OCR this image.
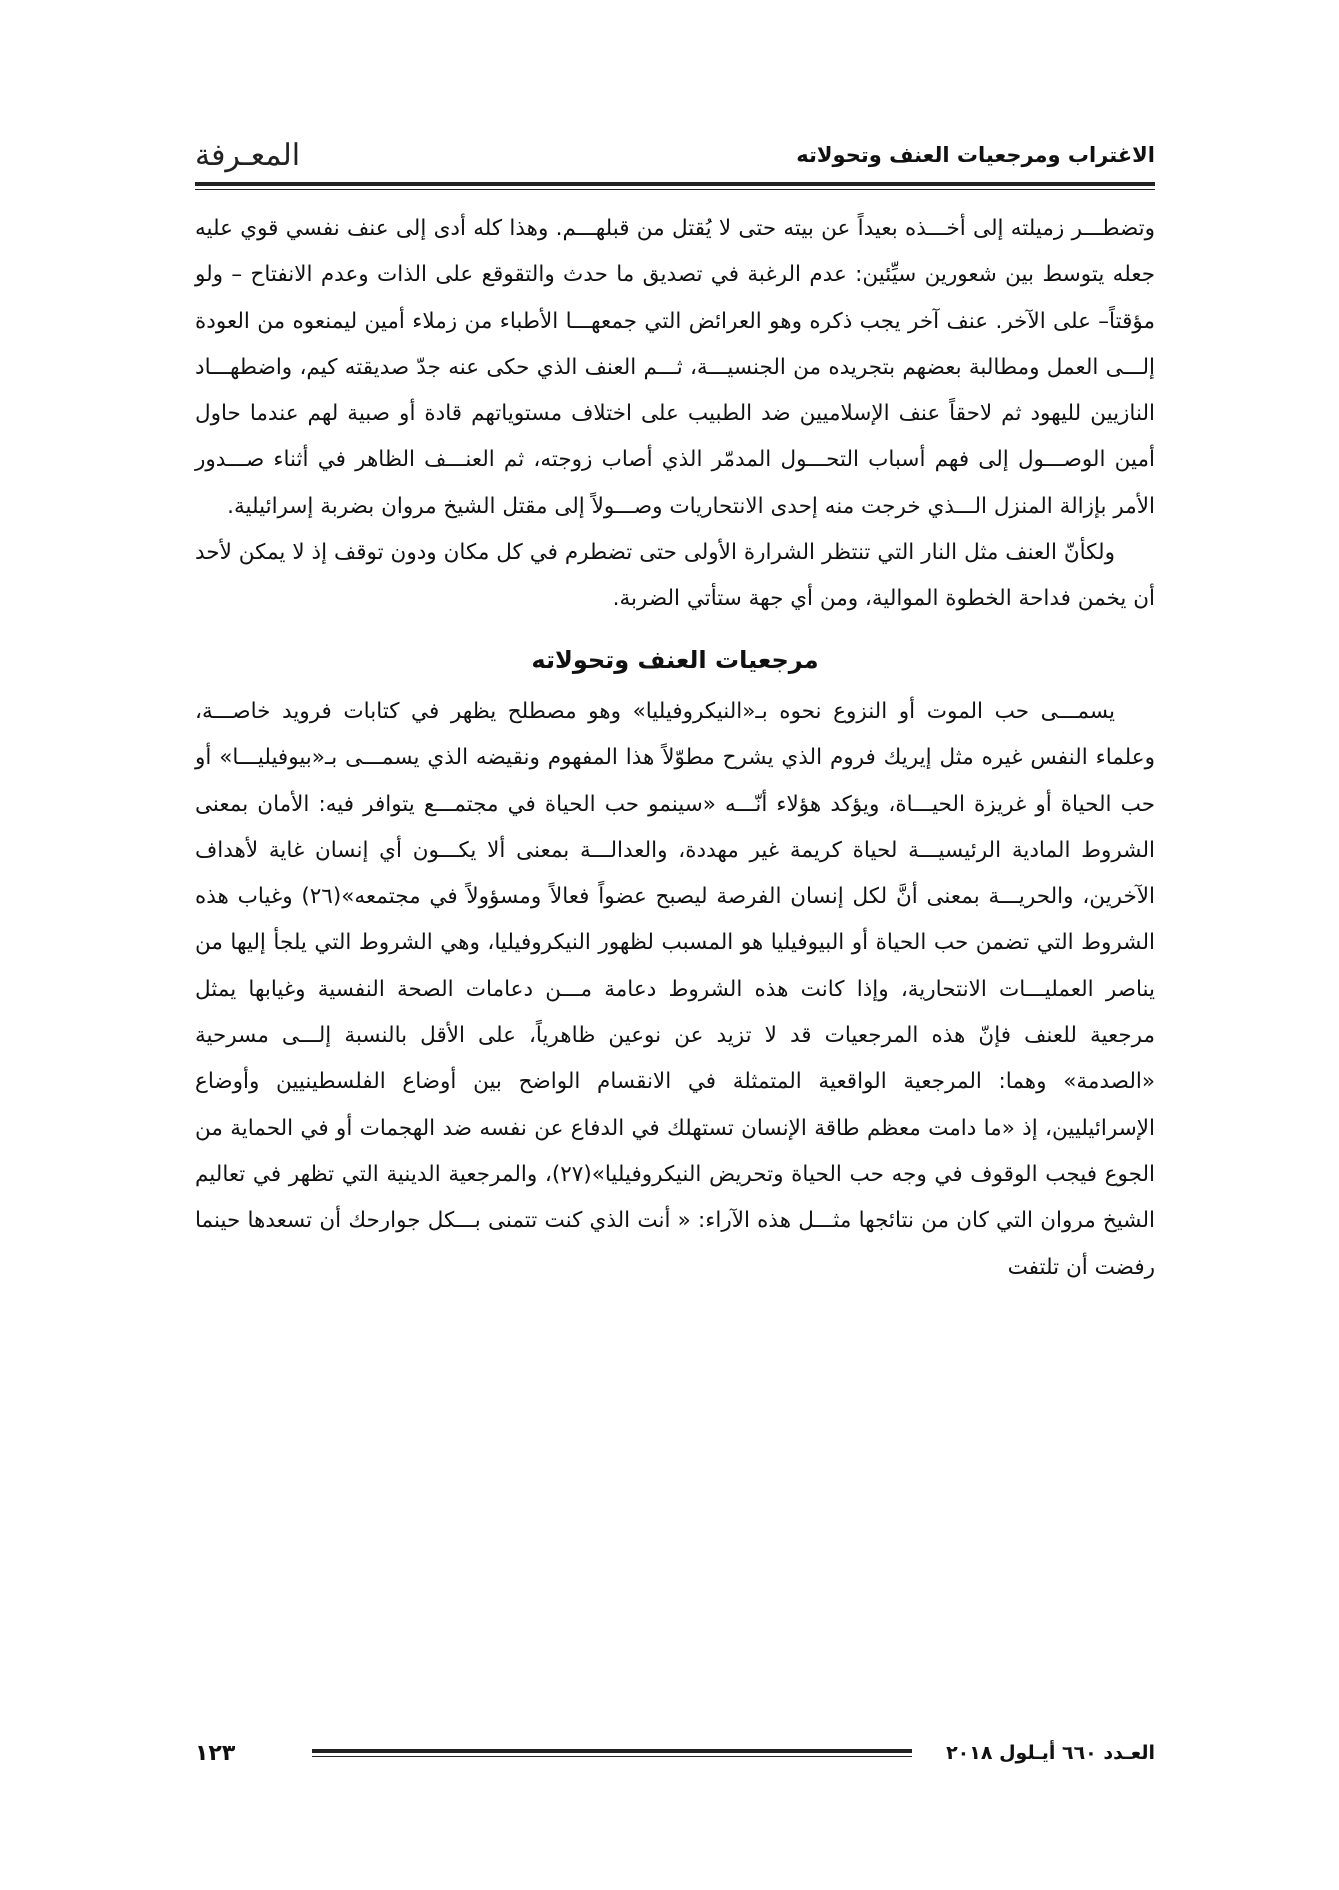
الاغتراب ومرجعيات العنف وتحولاته
المعـرفة

وتضطـــر زميلته إلى أخـــذه بعيداً عن بيته حتى لا يُقتل من قبلهـــم. وهذا كله أدى إلى عنف نفسي قوي عليه جعله يتوسط بين شعورين سيِّئين: عدم الرغبة في تصديق ما حدث والتقوقع على الذات وعدم الانفتاح – ولو مؤقتاً– على الآخر. عنف آخر يجب ذكره وهو العرائض التي جمعهـــا الأطباء من زملاء أمين ليمنعوه من العودة إلـــى العمل ومطالبة بعضهم بتجريده من الجنسيـــة، ثـــم العنف الذي حكى عنه جدّ صديقته كيم، واضطهـــاد النازيين لليهود ثم لاحقاً عنف الإسلاميين ضد الطبيب على اختلاف مستوياتهم قادة أو صبية لهم عندما حاول أمين الوصـــول إلى فهم أسباب التحـــول المدمّر الذي أصاب زوجته، ثم العنـــف الظاهر في أثناء صـــدور الأمر بإزالة المنزل الـــذي خرجت منه إحدى الانتحاريات وصـــولاً إلى مقتل الشيخ مروان بضربة إسرائيلية.

ولكأنّ العنف مثل النار التي تنتظر الشرارة الأولى حتى تضطرم في كل مكان ودون توقف إذ لا يمكن لأحد أن يخمن فداحة الخطوة الموالية، ومن أي جهة ستأتي الضربة.

مرجعيات العنف وتحولاته

يسمـــى حب الموت أو النزوع نحوه بـ«النيكروفيليا» وهو مصطلح يظهر في كتابات فرويد خاصـــة، وعلماء النفس غيره مثل إيريك فروم الذي يشرح مطوّلاً هذا المفهوم ونقيضه الذي يسمـــى بـ«بيوفيليـــا» أو حب الحياة أو غريزة الحيـــاة، ويؤكد هؤلاء أنّـــه «سينمو حب الحياة في مجتمـــع يتوافر فيه: الأمان بمعنى الشروط المادية الرئيسيـــة لحياة كريمة غير مهددة، والعدالـــة بمعنى ألا يكـــون أي إنسان غاية لأهداف الآخرين، والحريـــة بمعنى أنَّ لكل إنسان الفرصة ليصبح عضواً فعالاً ومسؤولاً في مجتمعه»(٢٦) وغياب هذه الشروط التي تضمن حب الحياة أو البيوفيليا هو المسبب لظهور النيكروفيليا، وهي الشروط التي يلجأ إليها من يناصر العمليـــات الانتحارية، وإذا كانت هذه الشروط دعامة مـــن دعامات الصحة النفسية وغيابها يمثل مرجعية للعنف فإنّ هذه المرجعيات قد لا تزيد عن نوعين ظاهرياً، على الأقل بالنسبة إلـــى مسرحية «الصدمة» وهما: المرجعية الواقعية المتمثلة في الانقسام الواضح بين أوضاع الفلسطينيين وأوضاع الإسرائيليين، إذ «ما دامت معظم طاقة الإنسان تستهلك في الدفاع عن نفسه ضد الهجمات أو في الحماية من الجوع فيجب الوقوف في وجه حب الحياة وتحريض النيكروفيليا»(٢٧)، والمرجعية الدينية التي تظهر في تعاليم الشيخ مروان التي كان من نتائجها مثـــل هذه الآراء: « أنت الذي كنت تتمنى بـــكل جوارحك أن تسعدها حينما رفضت أن تلتفت

العـدد ٦٦٠ أيـلول ٢٠١٨
١٢٣
